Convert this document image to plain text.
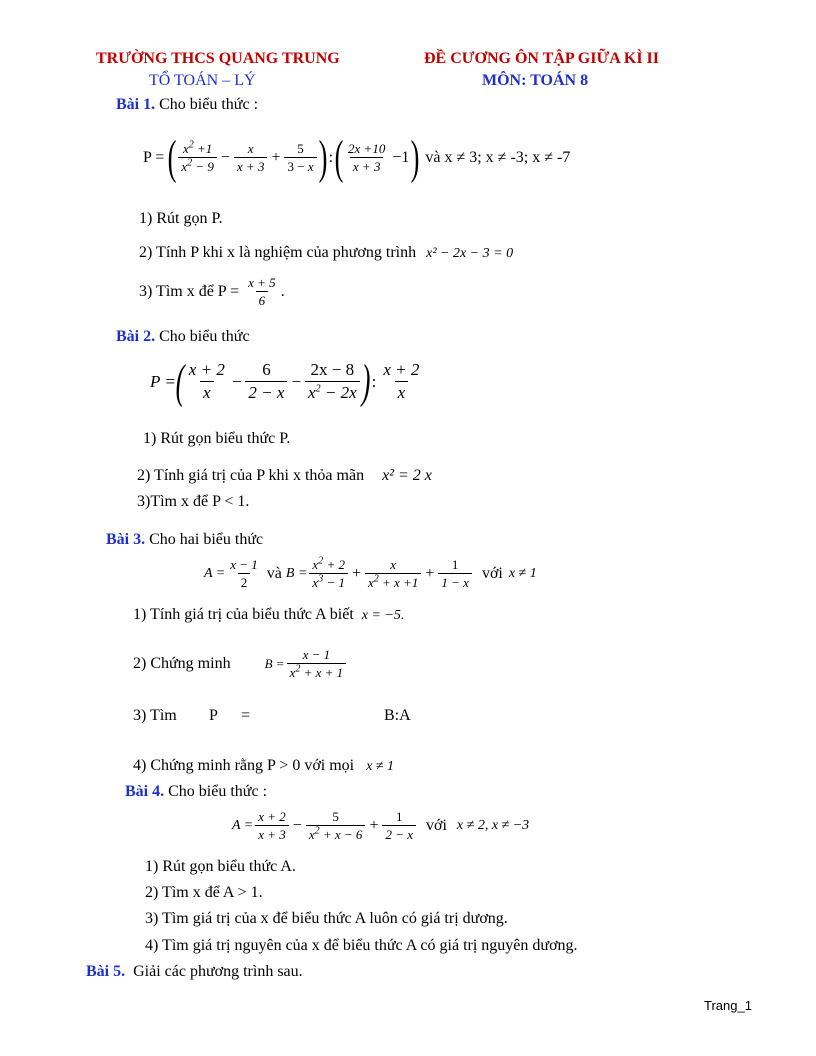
TRƯỜNG THCS QUANG TRUNG
TỔ TOÁN – LÝ
ĐỀ CƯƠNG ÔN TẬP GIỮA KÌ II
MÔN: TOÁN 8
Bài 1. Cho biểu thức :
P = ( $\frac{x^2 +1}{x^2 - 9} - \frac{x}{x + 3} + \frac{5}{3 - x}$ ) : ( $\frac{2x +10}{x + 3} -1$ ) và x ≠ 3; x ≠ -3; x ≠ -7
1) Rút gọn P.
2) Tính P khi x là nghiệm của phương trình x² − 2x − 3 = 0
3) Tìm x để $P = \frac{x + 5}{6}$ .
Bài 2. Cho biểu thức
P = ( $\frac{x + 2}{x} - \frac{6}{2 - x} - \frac{2x - 8}{x^2 - 2x}$ ) : $\frac{x + 2}{x}$
1) Rút gọn biểu thức P.
2) Tính giá trị của P khi x thỏa mãn x² = 2 x
3)Tìm x để P < 1.
Bài 3. Cho hai biểu thức
$A = \frac{x - 1}{2}$ và $B = \frac{x^2 + 2}{x^3 - 1} + \frac{x}{x^2 + x +1} + \frac{1}{1 - x}$ với x ≠ 1
1) Tính giá trị của biểu thức A biết x = −5.
2) Chứng minh	$B = \frac{x - 1}{x^2 + x + 1}$
3) Tìm P =	B:A
4) Chứng minh rằng P > 0 với mọi x ≠ 1
Bài 4. Cho biểu thức :
$A = \frac{x + 2}{x + 3} - \frac{5}{x^2 + x - 6} + \frac{1}{2 - x}$ với x ≠ 2, x ≠ −3
1) Rút gọn biểu thức A.
2) Tìm x để A > 1.
3) Tìm giá trị của x để biểu thức A luôn có giá trị dương.
4) Tìm giá trị nguyên của x để biểu thức A có giá trị nguyên dương.
Bài 5. Giải các phương trình sau.
Trang_1
